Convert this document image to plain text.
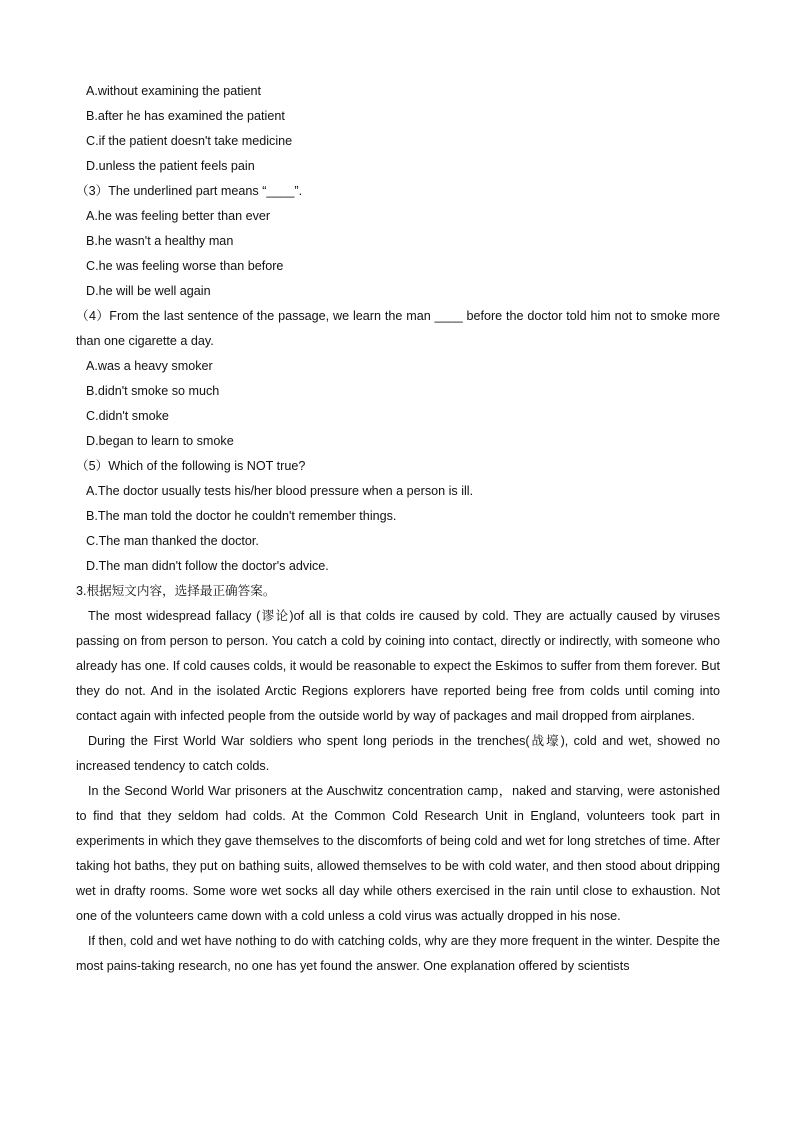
A.without examining the patient

B.after he has examined the patient

C.if the patient doesn't take medicine

D.unless the patient feels pain

（3）The underlined part means “____”.

A.he was feeling better than ever

B.he wasn't a healthy man

C.he was feeling worse than before

D.he will be well again

（4）From the last sentence of the passage, we learn the man ____ before the doctor told him not to smoke more than one cigarette a day.

A.was a heavy smoker

B.didn't smoke so much

C.didn't smoke

D.began to learn to smoke

（5）Which of the following is NOT true?

A.The doctor usually tests his/her blood pressure when a person is ill.

B.The man told the doctor he couldn't remember things.

C.The man thanked the doctor.

D.The man didn't follow the doctor's advice.

3.根据短文内容，选择最正确答案。

The most widespread fallacy (谬论)of all is that colds ire caused by cold. They are actually caused by viruses passing on from person to person. You catch a cold by coining into contact, directly or indirectly, with someone who already has one. If cold causes colds, it would be reasonable to expect the Eskimos to suffer from them forever. But they do not. And in the isolated Arctic Regions explorers have reported being free from colds until coming into contact again with infected people from the outside world by way of packages and mail dropped from airplanes.

During the First World War soldiers who spent long periods in the trenches(战壕), cold and wet, showed no increased tendency to catch colds.

In the Second World War prisoners at the Auschwitz concentration camp，naked and starving, were astonished to find that they seldom had colds. At the Common Cold Research Unit in England, volunteers took part in experiments in which they gave themselves to the discomforts of being cold and wet for long stretches of time. After taking hot baths, they put on bathing suits, allowed themselves to be with cold water, and then stood about dripping wet in drafty rooms. Some wore wet socks all day while others exercised in the rain until close to exhaustion. Not one of the volunteers came down with a cold unless a cold virus was actually dropped in his nose.

If then, cold and wet have nothing to do with catching colds, why are they more frequent in the winter. Despite the most pains-taking research, no one has yet found the answer. One explanation offered by scientists
